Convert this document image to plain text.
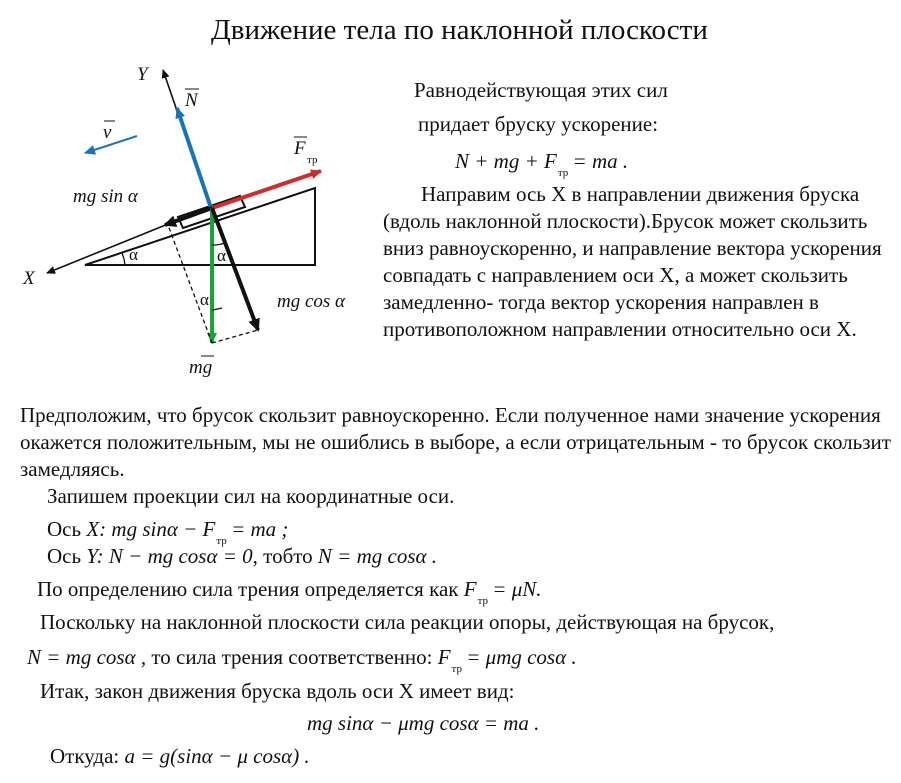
Движение тела по наклонной плоскости
Y
X
v
N
F
тр
mg sin α
mg cos α
mg
α	α
α
Равнодействующая этих сил
придает бруску ускорение:
N + mg + $F_{тр}$ = ma .
Направим ось X в направлении движения бруска (вдоль наклонной плоскости).Брусок может скользить вниз равноускоренно, и направление вектора ускорения совпадать с направлением оси X, а может скользить замедленно- тогда вектор ускорения направлен в противоположном направлении относительно оси X.
Предположим, что брусок скользит равноускоренно. Если полученное нами значение ускорения окажется положительным, мы не ошиблись в выборе, а если отрицательным - то брусок скользит замедляясь.
Запишем проекции сил на координатные оси.
Ось X: mg $\sin\alpha - F_{тр}$ = ma ;
Ось Y: N − mg cosα = 0, тобто N = mg cosα .
По определению сила трения определяется как $F_{тр} = \mu N$.
Поскольку на наклонной плоскости сила реакции опоры, действующая на брусок,
N = mg cosα , то сила трения соответственно: $F_{тр} = \mu mg$ cosα .
Итак, закон движения бруска вдоль оси X имеет вид:
mg sinα − μmg cosα = ma .
Откуда: a = g(sinα − μ cosα) .
